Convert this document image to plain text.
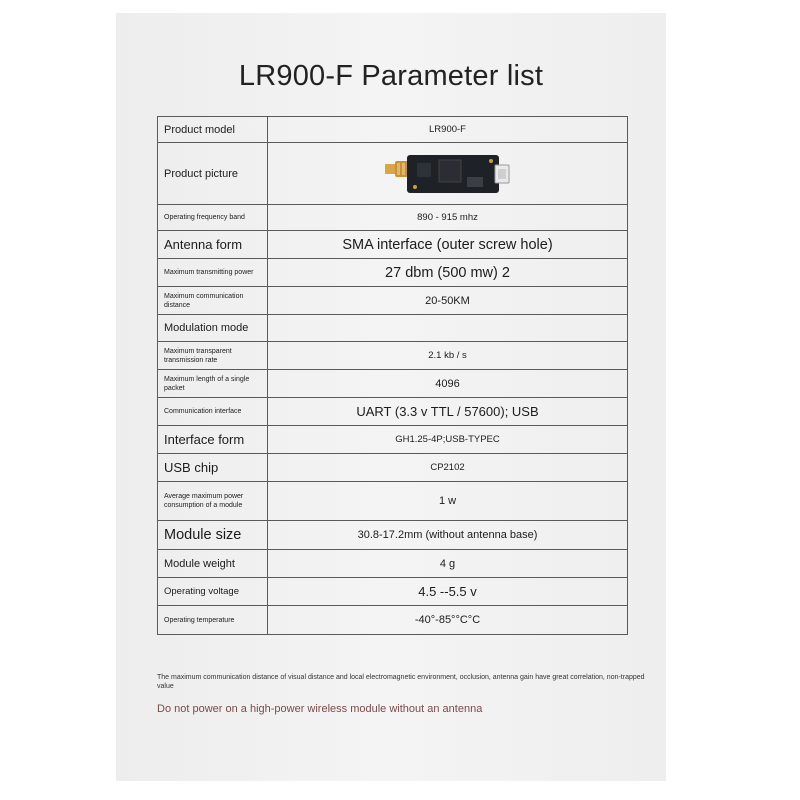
LR900-F Parameter list
Product model	LR900-F
Product picture	

Operating frequency band	890 - 915 mhz
Antenna form	SMA interface (outer screw hole)
Maximum transmitting power	27 dbm (500 mw) 2
Maximum communication distance	20-50KM
Modulation mode	
Maximum transparent transmission rate	2.1 kb / s
Maximum length of a single packet	4096
Communication interface	UART (3.3 v TTL / 57600); USB
Interface form	GH1.25-4P;USB-TYPEC
USB chip	CP2102
Average maximum power consumption of a module	1 w
Module size	30.8-17.2mm (without antenna base)
Module weight	4 g
Operating voltage	4.5 --5.5 v
Operating temperature	-40°-85°°C°C
The maximum communication distance of visual distance and local electromagnetic environment, occlusion, antenna gain have great correlation, non-trapped value
Do not power on a high-power wireless module without an antenna
